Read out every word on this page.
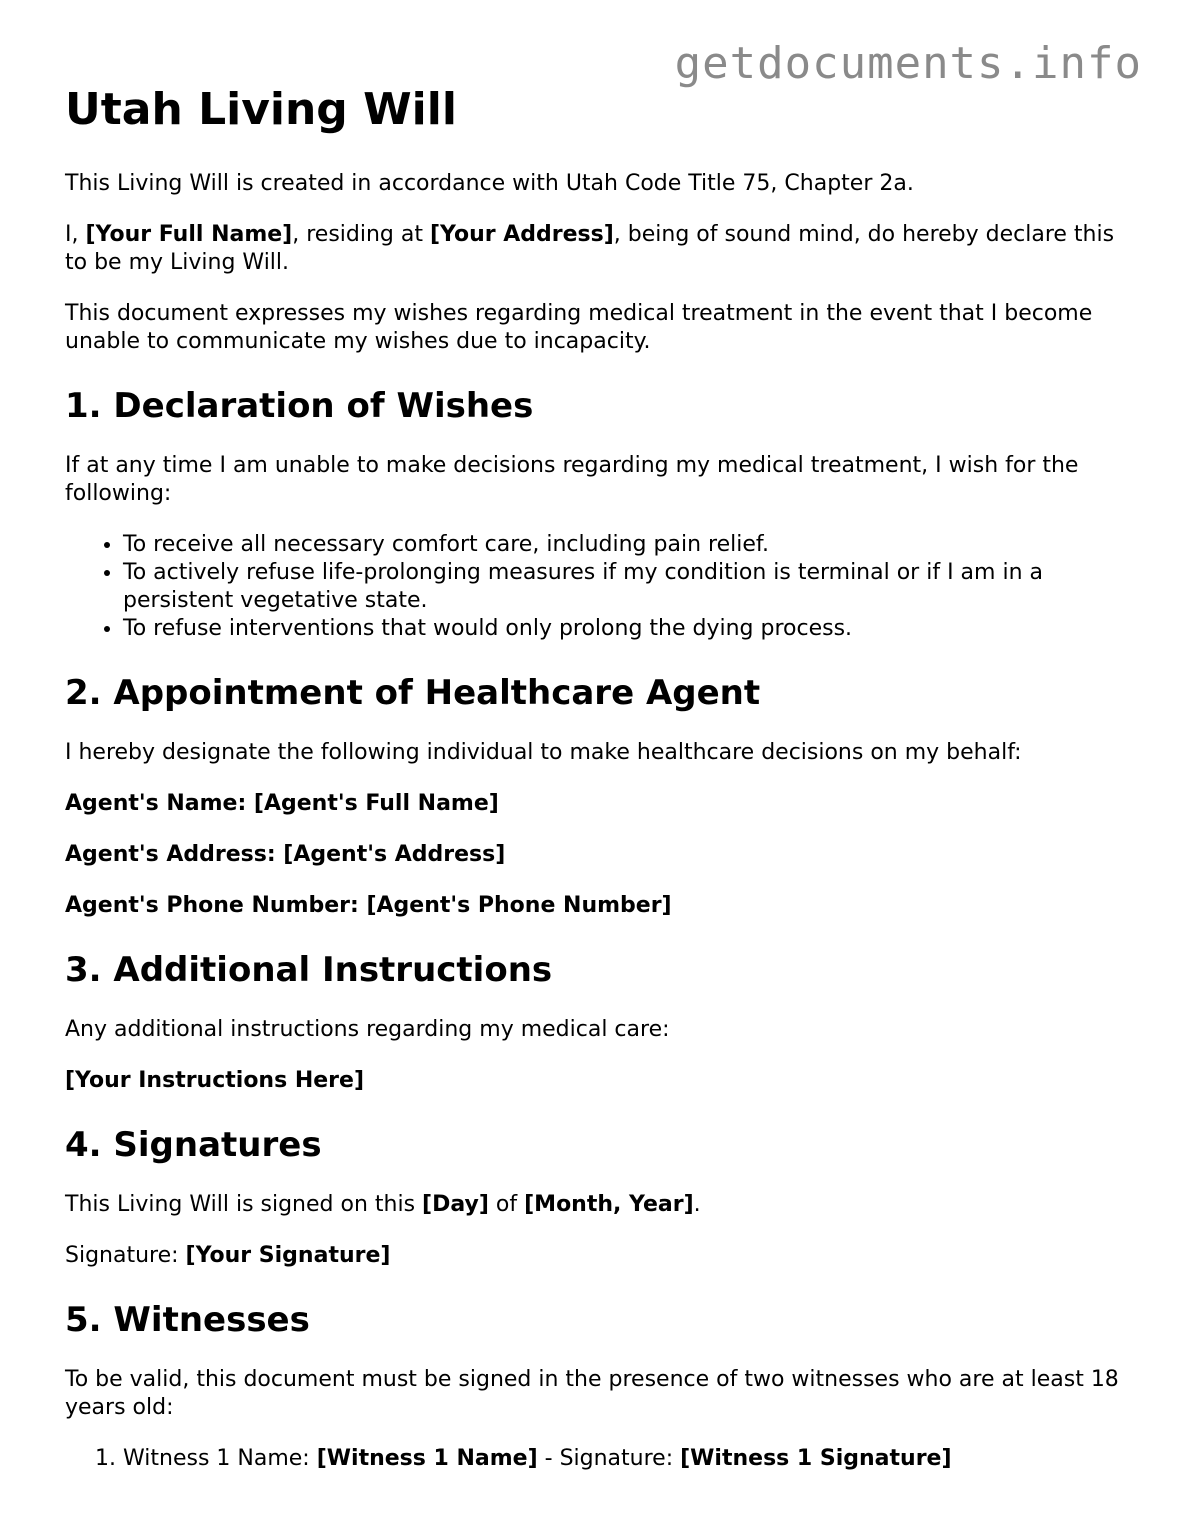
getdocuments.info
Utah Living Will

This Living Will is created in accordance with Utah Code Title 75, Chapter 2a.

I, [Your Full Name], residing at [Your Address], being of sound mind, do hereby declare this to be my Living Will.

This document expresses my wishes regarding medical treatment in the event that I become unable to communicate my wishes due to incapacity.

1. Declaration of Wishes

If at any time I am unable to make decisions regarding my medical treatment, I wish for the following:

• To receive all necessary comfort care, including pain relief.
• To actively refuse life-prolonging measures if my condition is terminal or if I am in a persistent vegetative state.
• To refuse interventions that would only prolong the dying process.
2. Appointment of Healthcare Agent

I hereby designate the following individual to make healthcare decisions on my behalf:

Agent's Name: [Agent's Full Name]

Agent's Address: [Agent's Address]

Agent's Phone Number: [Agent's Phone Number]

3. Additional Instructions

Any additional instructions regarding my medical care:

[Your Instructions Here]

4. Signatures

This Living Will is signed on this [Day] of [Month, Year].

Signature: [Your Signature]

5. Witnesses

To be valid, this document must be signed in the presence of two witnesses who are at least 18 years old:

1. Witness 1 Name: [Witness 1 Name] - Signature: [Witness 1 Signature]
